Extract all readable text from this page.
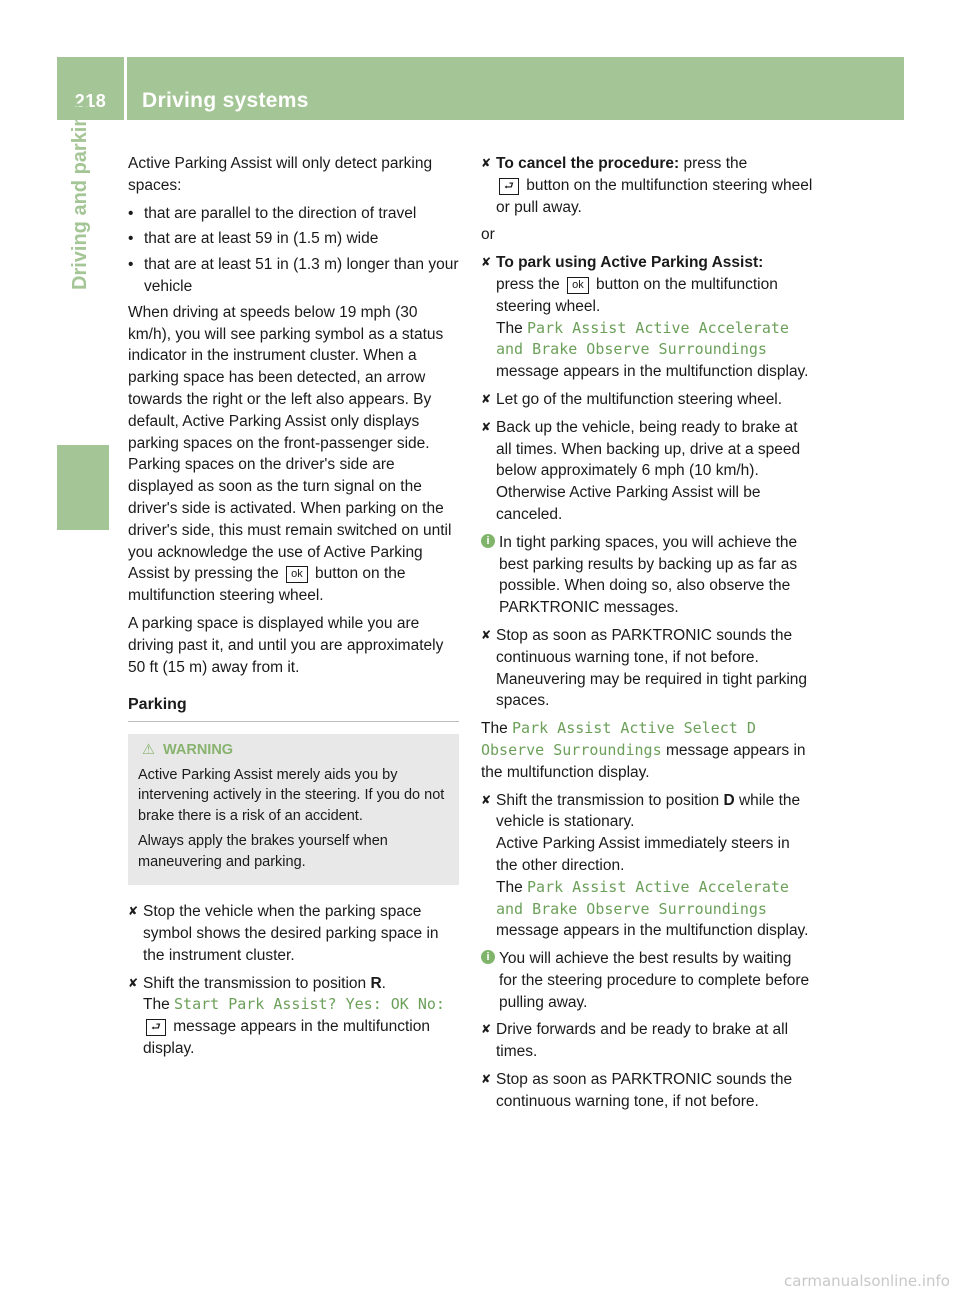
218	Driving systems
Driving and parking Active Parking Assist will only detect parking spaces:

• that are parallel to the direction of travel
• that are at least 59 in (1.5 m) wide
• that are at least 51 in (1.3 m) longer than your vehicle

When driving at speeds below 19 mph (30 km/h), you will see parking symbol as a status indicator in the instrument cluster. When a parking space has been detected, an arrow towards the right or the left also appears. By default, Active Parking Assist only displays parking spaces on the front-passenger side. Parking spaces on the driver's side are displayed as soon as the turn signal on the driver's side is activated. When parking on the driver's side, this must remain switched on until you acknowledge the use of Active Parking Assist by pressing the ok button on the multifunction steering wheel.

A parking space is displayed while you are driving past it, and until you are approximately 50 ft (15 m) away from it.

Parking
⚠ WARNING

Active Parking Assist merely aids you by intervening actively in the steering. If you do not brake there is a risk of an accident.

Always apply the brakes yourself when maneuvering and parking.

✘ Stop the vehicle when the parking space symbol shows the desired parking space in the instrument cluster.
✘ Shift the transmission to position R.
The Start Park Assist? Yes: OK No:
⮐ message appears in the multifunction display.
✘ To cancel the procedure: press the
⮐ button on the multifunction steering wheel or pull away.
or
✘ To park using Active Parking Assist:
press the ok button on the multifunction steering wheel.
The Park Assist Active Accelerate
and Brake Observe Surroundings
message appears in the multifunction display.
✘ Let go of the multifunction steering wheel.
✘ Back up the vehicle, being ready to brake at all times. When backing up, drive at a speed below approximately 6 mph (10 km/h). Otherwise Active Parking Assist will be canceled.
i In tight parking spaces, you will achieve the best parking results by backing up as far as possible. When doing so, also observe the PARKTRONIC messages.
✘ Stop as soon as PARKTRONIC sounds the continuous warning tone, if not before. Maneuvering may be required in tight parking spaces.

The Park Assist Active Select D
Observe Surroundings message appears in the multifunction display.

✘ Shift the transmission to position D while the vehicle is stationary.
Active Parking Assist immediately steers in the other direction.
The Park Assist Active Accelerate
and Brake Observe Surroundings
message appears in the multifunction display.
i You will achieve the best results by waiting for the steering procedure to complete before pulling away.
✘ Drive forwards and be ready to brake at all times.
✘ Stop as soon as PARKTRONIC sounds the continuous warning tone, if not before.
carmanualsonline.info
